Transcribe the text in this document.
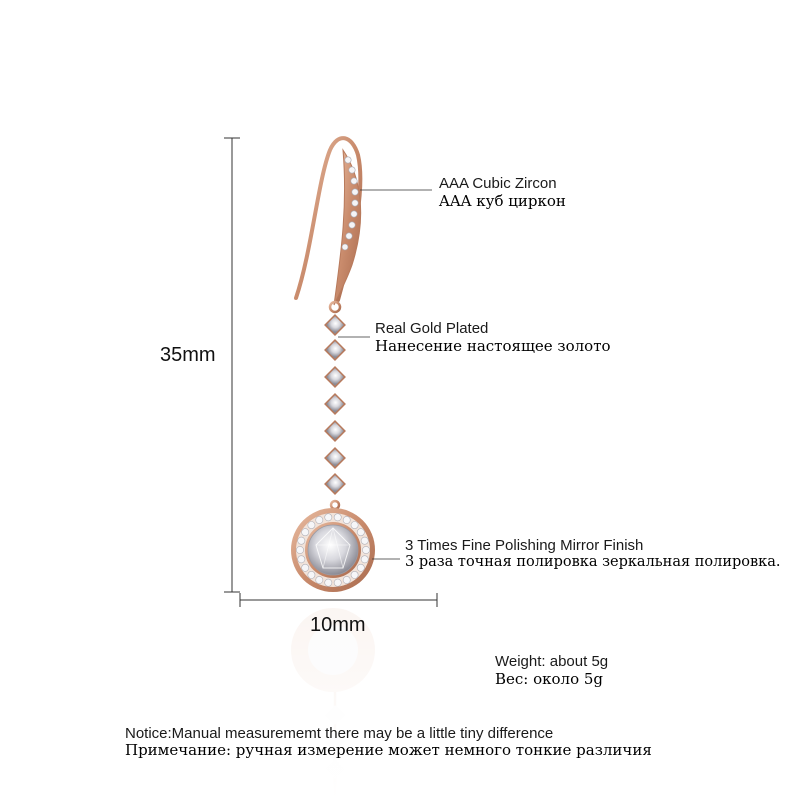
AAA Cubic Zircon
AAA куб циркон
Real Gold Plated
Нанесение настоящее золото
3 Times Fine Polishing Mirror Finish
3 раза точная полировка зеркальная полировка.
35mm
10mm
Weight: about 5g
Вес: около 5g
Notice:Manual measurememt there may be a little tiny difference
Примечание: ручная измерение может немного тонкие различия
